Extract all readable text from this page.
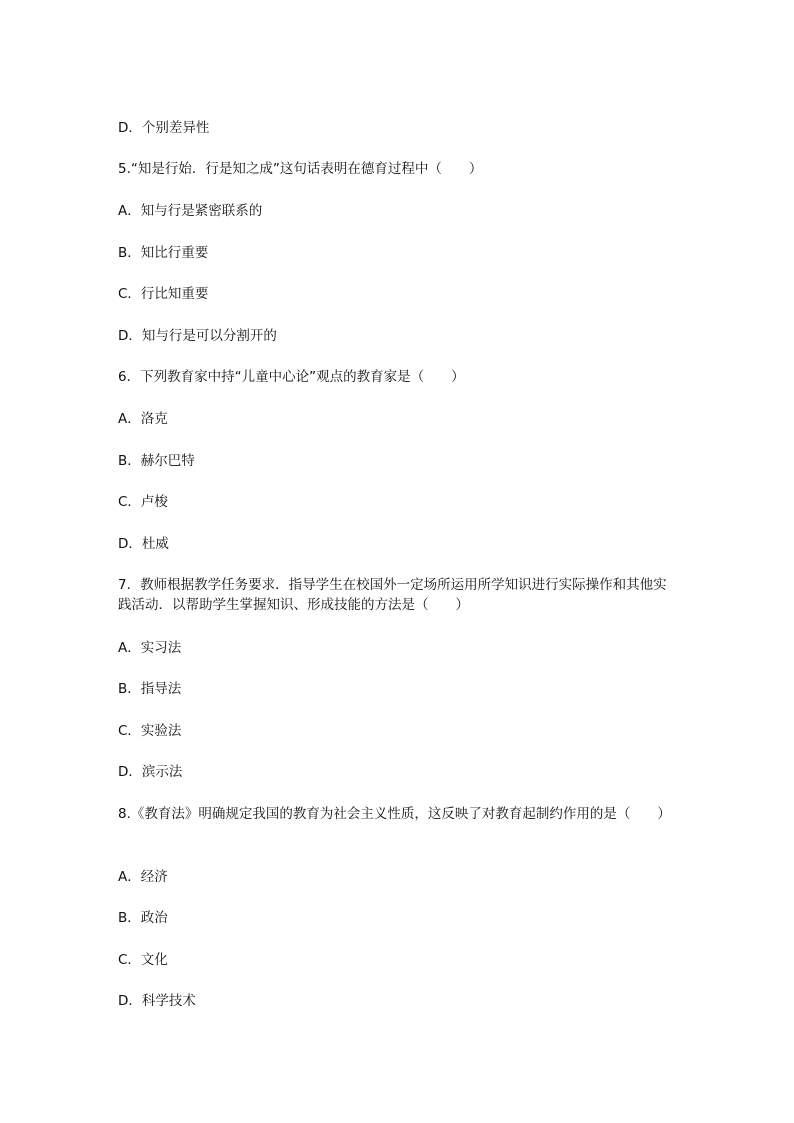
D．个别差异性
5.“知是行始．行是知之成”这句话表明在德育过程中（　　）
A．知与行是紧密联系的
B．知比行重要
C．行比知重要
D．知与行是可以分割开的
6．下列教育家中持“儿童中心论”观点的教育家是（　　）
A．洛克
B．赫尔巴特
C．卢梭
D．杜威
7．教师根据教学任务要求．指导学生在校国外一定场所运用所学知识进行实际操作和其他实践活动．以帮助学生掌握知识、形成技能的方法是（　　）
A．实习法
B．指导法
C．实验法
D．滨示法
8.《教育法》明确规定我国的教育为社会主义性质，这反映了对教育起制约作用的是（　　）
A．经济
B．政治
C．文化
D．科学技术
